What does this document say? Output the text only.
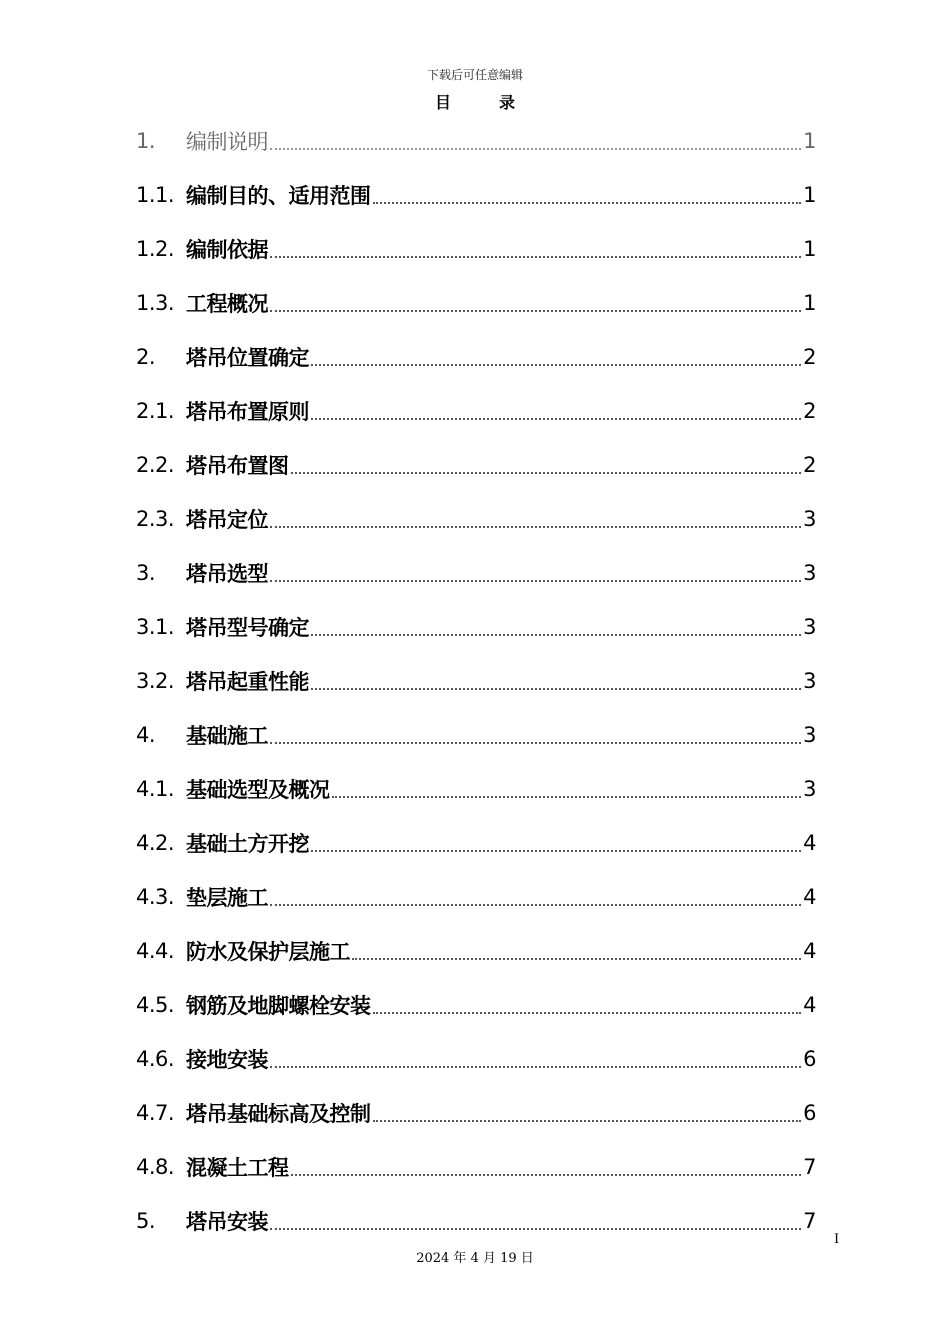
下载后可任意编辑
目	录
1.	编制说明	1
1.1. 编制目的、适用范围	1
1.2. 编制依据	1
1.3. 工程概况	1
2.	塔吊位置确定	2
2.1. 塔吊布置原则	2
2.2. 塔吊布置图	2
2.3. 塔吊定位	3
3.	塔吊选型	3
3.1. 塔吊型号确定	3
3.2. 塔吊起重性能	3
4.	基础施工	3
4.1. 基础选型及概况	3
4.2. 基础土方开挖	4
4.3. 垫层施工	4
4.4. 防水及保护层施工	4
4.5. 钢筋及地脚螺栓安装	4
4.6. 接地安装	6
4.7. 塔吊基础标高及控制	6
4.8. 混凝土工程	7
5.	塔吊安装	7
I
2024 年 4 月 19 日
